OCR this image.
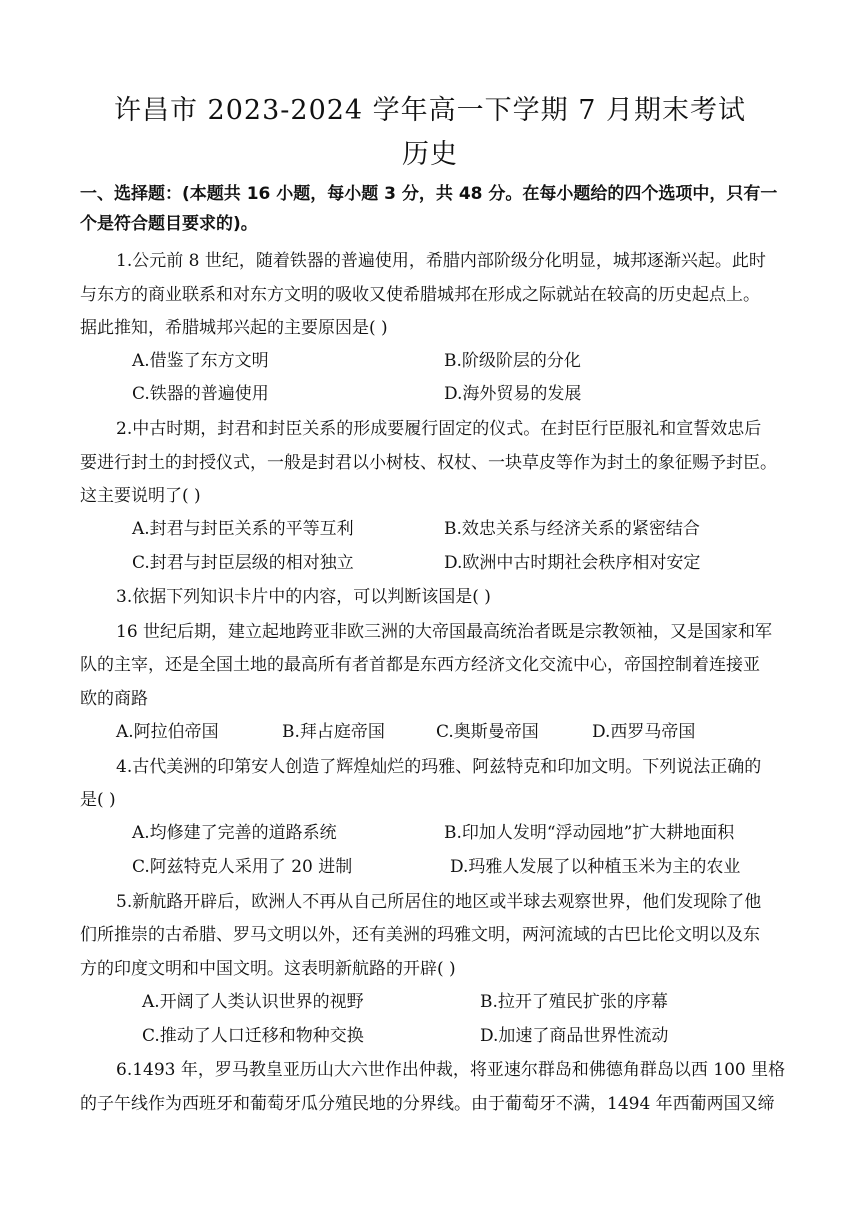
许昌市 2023-2024 学年高一下学期 7 月期末考试
历史
一、选择题：(本题共 16 小题，每小题 3 分，共 48 分。在每小题给的四个选项中，只有一
个是符合题目要求的)。
1.公元前 8 世纪，随着铁器的普遍使用，希腊内部阶级分化明显，城邦逐渐兴起。此时
与东方的商业联系和对东方文明的吸收又使希腊城邦在形成之际就站在较高的历史起点上。
据此推知，希腊城邦兴起的主要原因是( )
A.借鉴了东方文明	B.阶级阶层的分化
C.铁器的普遍使用	D.海外贸易的发展
2.中古时期，封君和封臣关系的形成要履行固定的仪式。在封臣行臣服礼和宣誓效忠后
要进行封土的封授仪式，一般是封君以小树枝、权杖、一块草皮等作为封土的象征赐予封臣。
这主要说明了( )
A.封君与封臣关系的平等互利	B.效忠关系与经济关系的紧密结合
C.封君与封臣层级的相对独立	D.欧洲中古时期社会秩序相对安定
3.依据下列知识卡片中的内容，可以判断该国是( )
16 世纪后期，建立起地跨亚非欧三洲的大帝国最高统治者既是宗教领袖，又是国家和军
队的主宰，还是全国土地的最高所有者首都是东西方经济文化交流中心，帝国控制着连接亚
欧的商路
A.阿拉伯帝国	B.拜占庭帝国	C.奥斯曼帝国	D.西罗马帝国
4.古代美洲的印第安人创造了辉煌灿烂的玛雅、阿兹特克和印加文明。下列说法正确的
是( )
A.均修建了完善的道路系统	B.印加人发明“浮动园地”扩大耕地面积
C.阿兹特克人采用了 20 进制	D.玛雅人发展了以种植玉米为主的农业
5.新航路开辟后，欧洲人不再从自己所居住的地区或半球去观察世界，他们发现除了他
们所推崇的古希腊、罗马文明以外，还有美洲的玛雅文明，两河流域的古巴比伦文明以及东
方的印度文明和中国文明。这表明新航路的开辟( )
A.开阔了人类认识世界的视野	B.拉开了殖民扩张的序幕
C.推动了人口迁移和物种交换	D.加速了商品世界性流动
6.1493 年，罗马教皇亚历山大六世作出仲裁，将亚速尔群岛和佛德角群岛以西 100 里格
的子午线作为西班牙和葡萄牙瓜分殖民地的分界线。由于葡萄牙不满，1494 年西葡两国又缔
